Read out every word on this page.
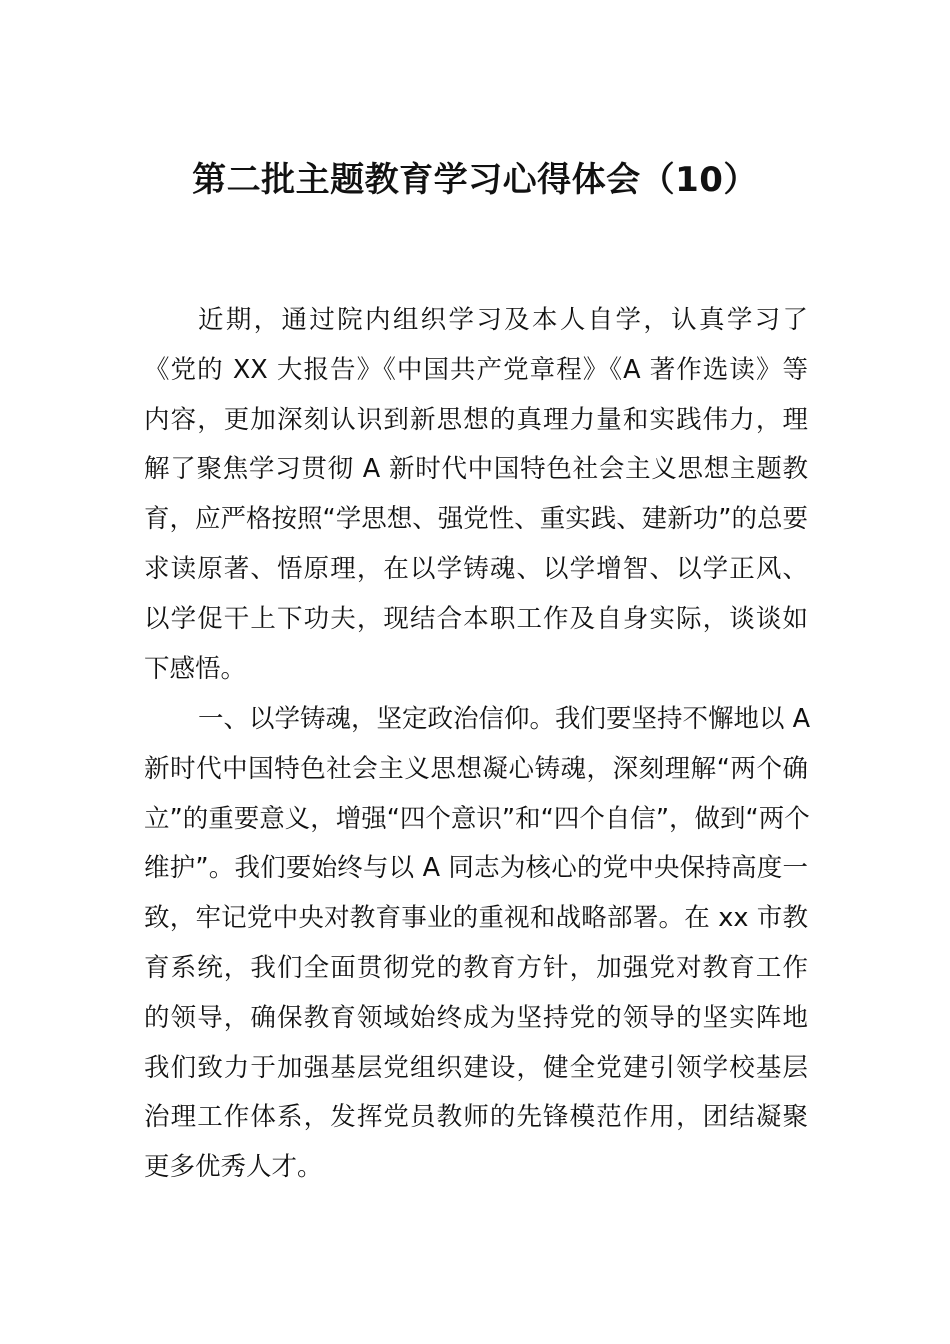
第二批主题教育学习心得体会（10）
近期，通过院内组织学习及本人自学，认真学习了
《党的 XX 大报告》《中国共产党章程》《A 著作选读》等
内容，更加深刻认识到新思想的真理力量和实践伟力，理
解了聚焦学习贯彻 A 新时代中国特色社会主义思想主题教
育，应严格按照“学思想、强党性、重实践、建新功”的总要
求读原著、悟原理，在以学铸魂、以学增智、以学正风、
以学促干上下功夫，现结合本职工作及自身实际，谈谈如
下感悟。
一、以学铸魂，坚定政治信仰。我们要坚持不懈地以 A
新时代中国特色社会主义思想凝心铸魂，深刻理解“两个确
立”的重要意义，增强“四个意识”和“四个自信”，做到“两个
维护”。我们要始终与以 A 同志为核心的党中央保持高度一
致，牢记党中央对教育事业的重视和战略部署。在 xx 市教
育系统，我们全面贯彻党的教育方针，加强党对教育工作
的领导，确保教育领域始终成为坚持党的领导的坚实阵地
我们致力于加强基层党组织建设，健全党建引领学校基层
治理工作体系，发挥党员教师的先锋模范作用，团结凝聚
更多优秀人才。
